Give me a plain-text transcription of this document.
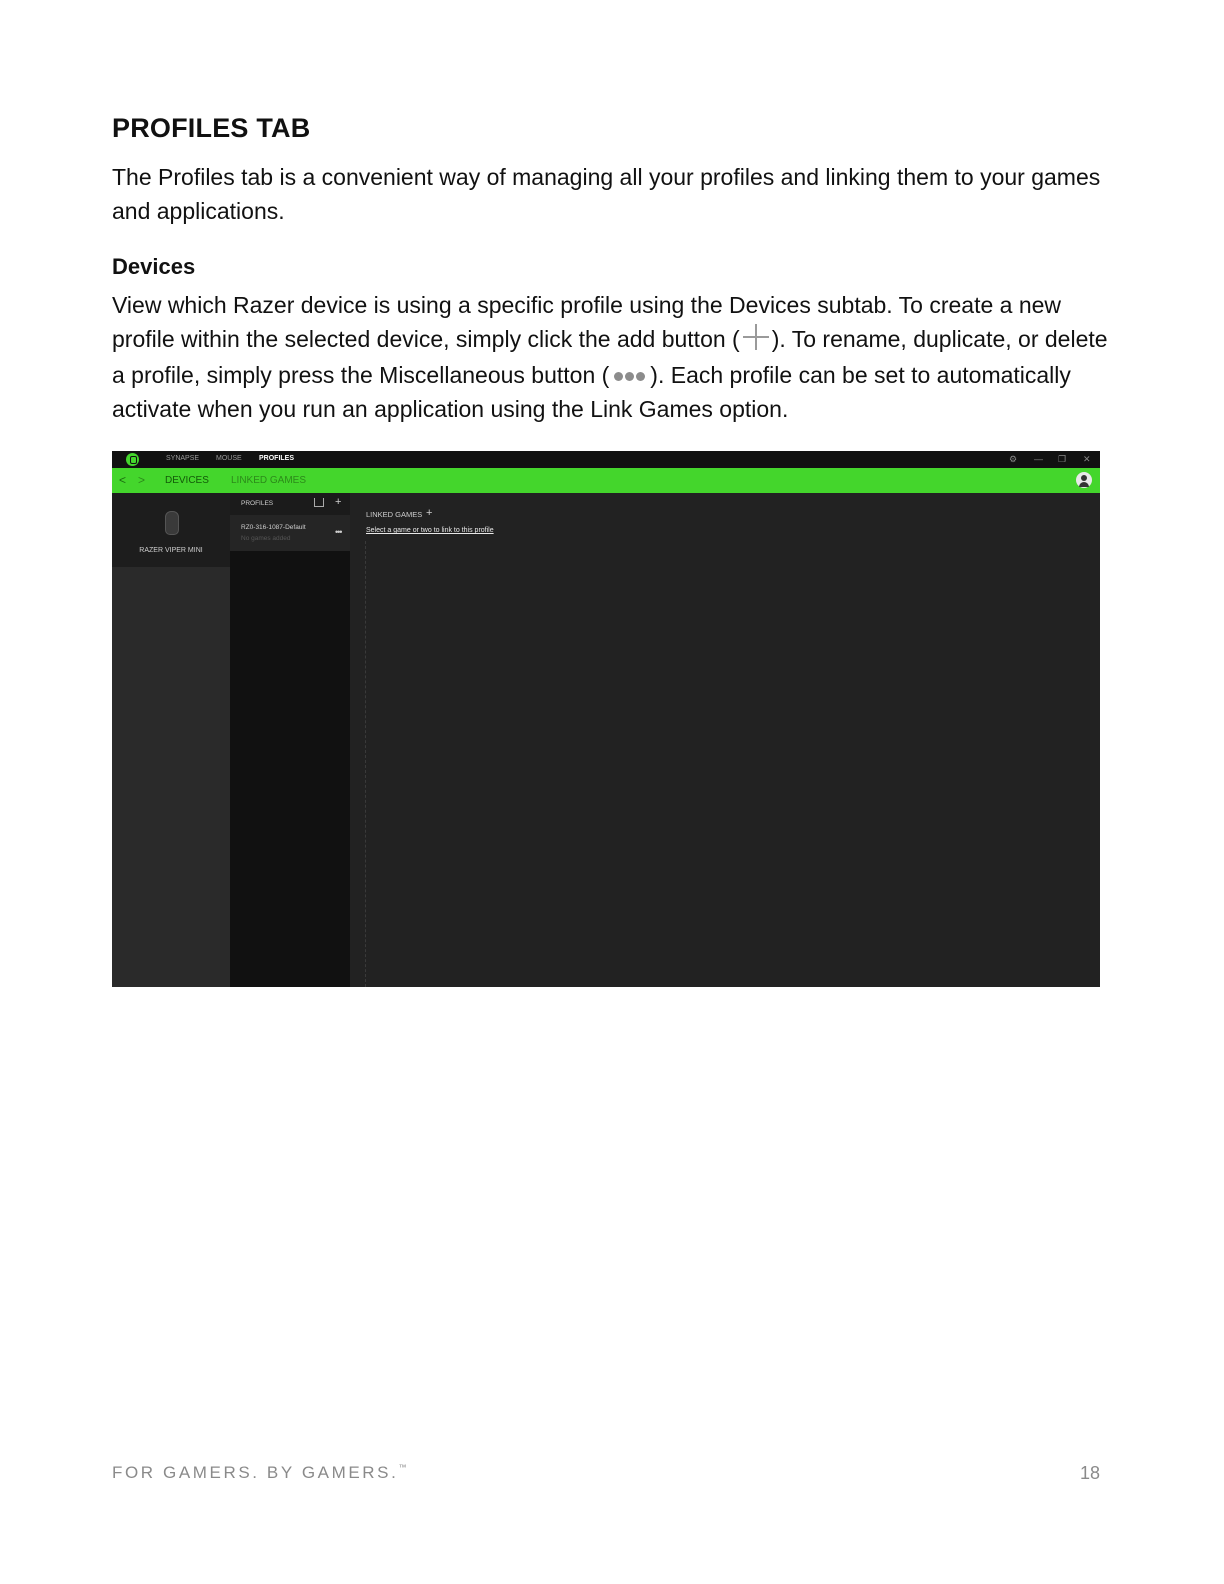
PROFILES TAB
The Profiles tab is a convenient way of managing all your profiles and linking them to your games and applications.
Devices
View which Razer device is using a specific profile using the Devices subtab. To create a new profile within the selected device, simply click the add button ( ). To rename, duplicate, or delete a profile, simply press the Miscellaneous button ( ). Each profile can be set to automatically activate when you run an application using the Link Games option.
SYNAPSE MOUSE PROFILES	⚙ — ❐ ✕
< > DEVICES LINKED GAMES
RAZER VIPER MINI
PROFILES	+
RZ0-316-1087-Default
No games added
•••
LINKED GAMES +
Select a game or two to link to this profile
FOR GAMERS. BY GAMERS.™	18
